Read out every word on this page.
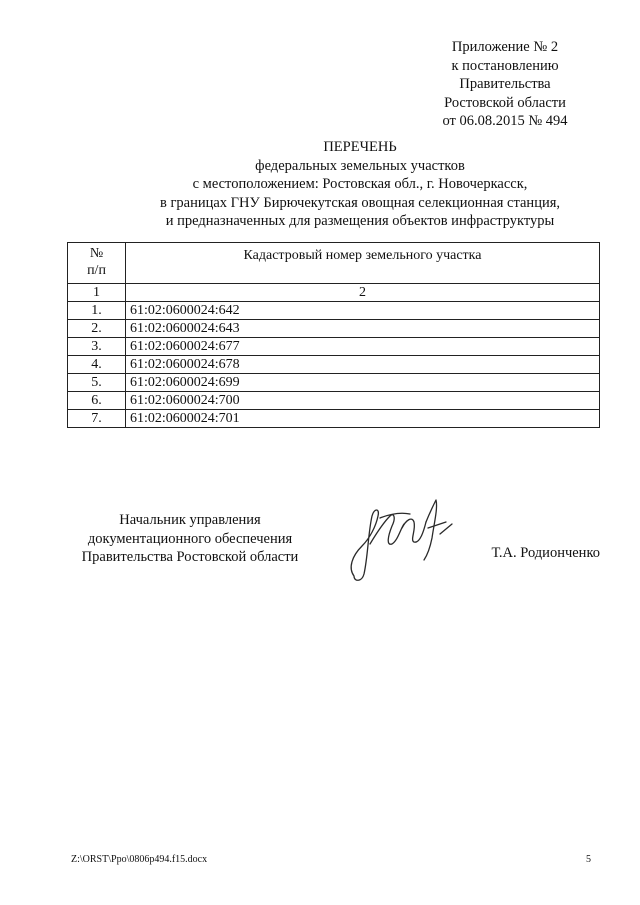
Приложение № 2
к постановлению
Правительства
Ростовской области
от 06.08.2015 № 494
ПЕРЕЧЕНЬ
федеральных земельных участков
с местоположением: Ростовская обл., г. Новочеркасск,
в границах ГНУ Бирючекутская овощная селекционная станция,
и предназначенных для размещения объектов инфраструктуры
№
п/п	Кадастровый номер земельного участка
1	2
1.	61:02:0600024:642
2.	61:02:0600024:643
3.	61:02:0600024:677
4.	61:02:0600024:678
5.	61:02:0600024:699
6.	61:02:0600024:700
7.	61:02:0600024:701
Начальник управления
документационного обеспечения
Правительства Ростовской области	Т.А. Родионченко
Z:\ORST\Ppo\0806p494.f15.docx	5
